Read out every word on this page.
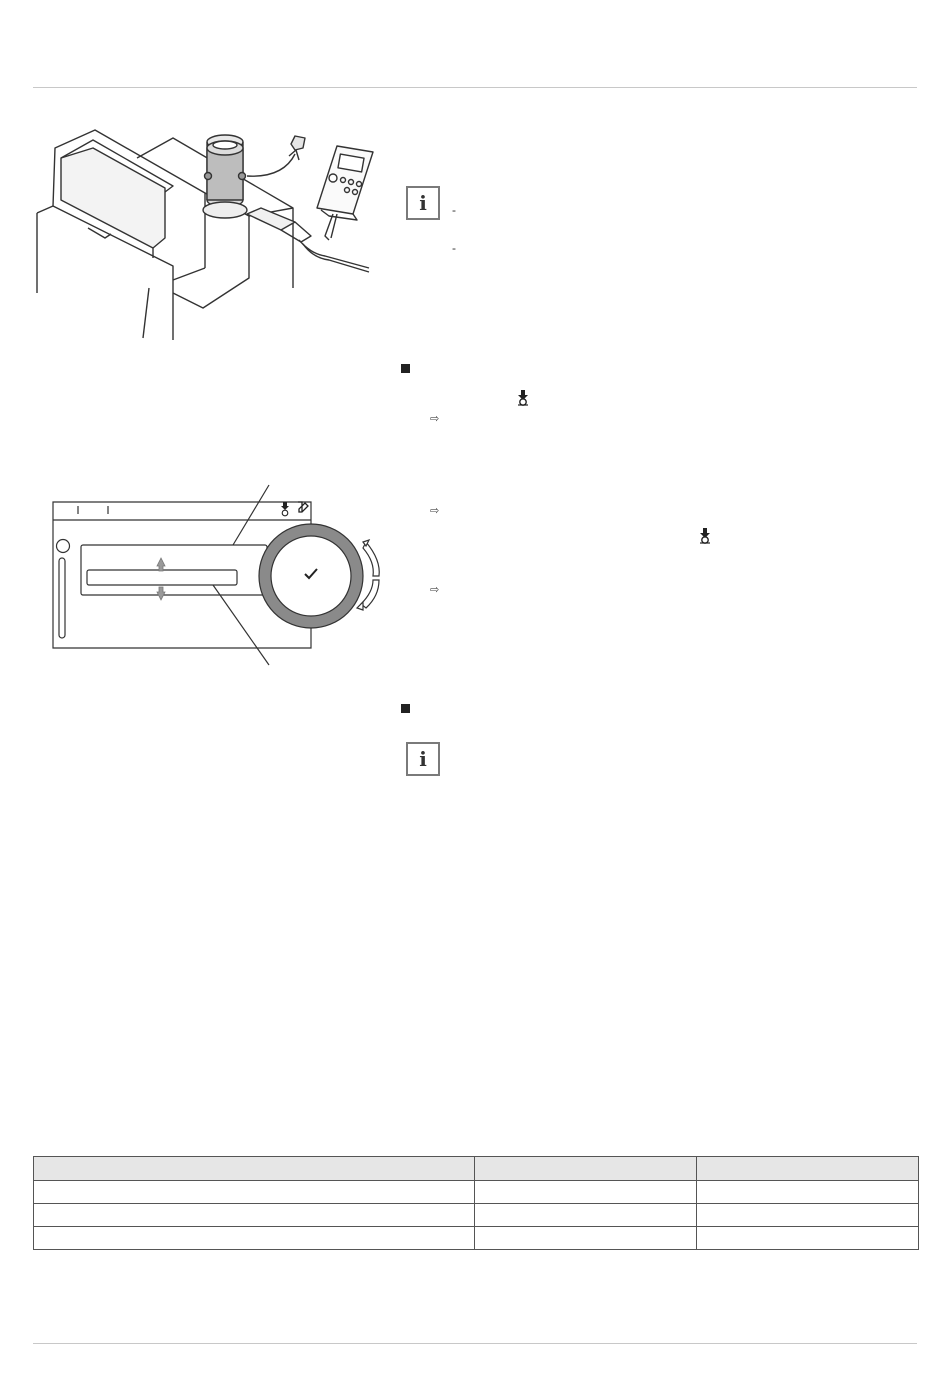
i -
-
⇨
⇨
⇨
i
